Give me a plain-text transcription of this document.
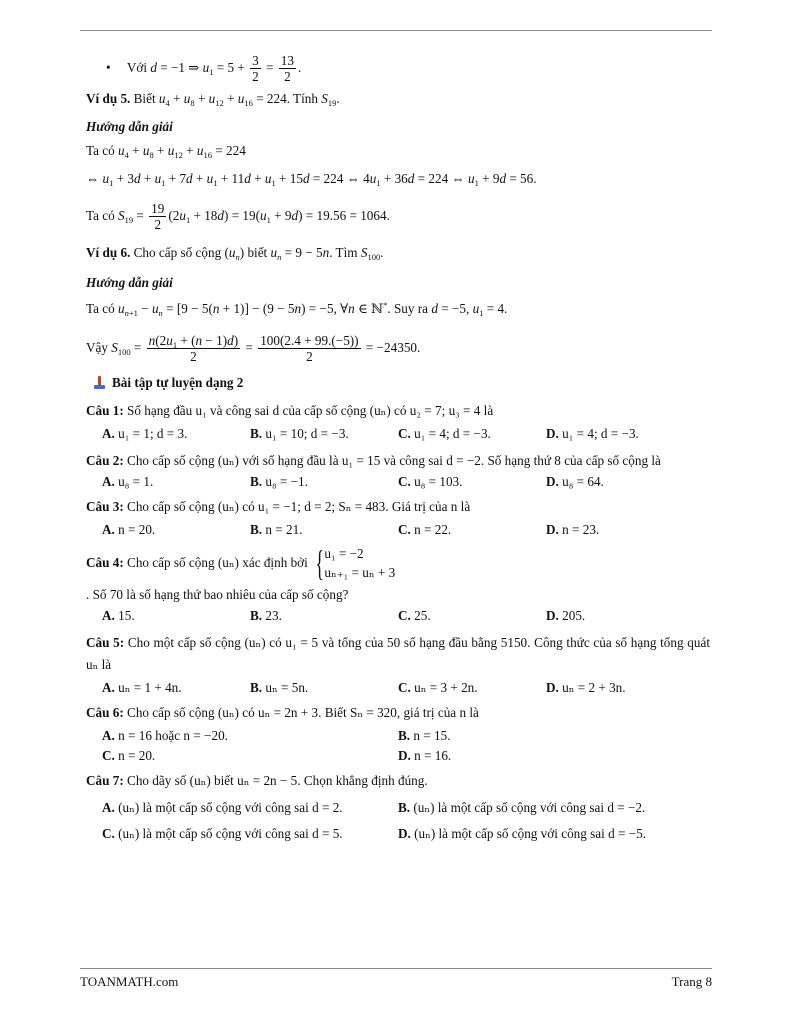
• Với d = −1 ⇒ $u_1 = 5 + \frac{3}{2} = \frac{13}{2}$ .
Ví dụ 5. Biết $u_4 + u_8 + u_{12} + u_{16} = 224$. Tính $S_{19}$.
Hướng dẫn giải
Ta có $u_4 + u_8 + u_{12} + u_{16} = 224$
⇔ $u_1 + 3d + u_1 + 7d + u_1 + 11d + u_1 + 15d = 224$ ⇔ $4u_1 + 36d = 224$ ⇔ $u_1 + 9d = 56$.
Ta có $S_{19} = \frac{19}{2} (2u_1 + 18d) = 19(u_1 + 9d) = 19.56 = 1064$.
Ví dụ 6. Cho cấp số cộng $(u_n)$ biết $u_n = 9 - 5n$. Tìm $S_{100}$.
Hướng dẫn giải
Ta có $u_{n+1} - u_n = [9 - 5(n + 1)] - (9 - 5n) = -5$, ∀n ∈ ℕ*. Suy ra d = −5, $u_1 = 4$.
Vậy $S_{100} = \frac{n(2u_1 + (n - 1)d)}{2} = \frac{100(2.4 + 99.(-5))}{2} = -24350$.
Bài tập tự luyện dạng 2
Câu 1: Số hạng đầu u₁ và công sai d của cấp số cộng (uₙ) có u₂ = 7; u₃ = 4 là
A. u₁ = 1; d = 3.	B. u₁ = 10; d = −3.	C. u₁ = 4; d = −3.	D. u₁ = 4; d = −3.
Câu 2: Cho cấp số cộng (uₙ) với số hạng đầu là u₁ = 15 và công sai d = −2. Số hạng thứ 8 của cấp số cộng là
A. u₈ = 1.	B. u₈ = −1.	C. u₈ = 103.	D. u₈ = 64.
Câu 3: Cho cấp số cộng (uₙ) có u₁ = −1; d = 2; Sₙ = 483. Giá trị của n là
A. n = 20.	B. n = 21.	C. n = 22.	D. n = 23.
Câu 4: Cho cấp số cộng (uₙ) xác định bởi
{ u₁ = −2
uₙ₊₁ = uₙ + 3
. Số 70 là số hạng thứ bao nhiêu của cấp số cộng?
A. 15.	B. 23.	C. 25.	D. 205.
Câu 5: Cho một cấp số cộng (uₙ) có u₁ = 5 và tổng của 50 số hạng đầu bằng 5150. Công thức của số hạng tổng quát uₙ là
A. uₙ = 1 + 4n.	B. uₙ = 5n.	C. uₙ = 3 + 2n.	D. uₙ = 2 + 3n.
Câu 6: Cho cấp số cộng (uₙ) có uₙ = 2n + 3. Biết Sₙ = 320, giá trị của n là
A. n = 16 hoặc n = −20.	B. n = 15.
C. n = 20.	D. n = 16.
Câu 7: Cho dãy số (uₙ) biết uₙ = 2n − 5. Chọn khẳng định đúng.
A. (uₙ) là một cấp số cộng với công sai d = 2.	B. (uₙ) là một cấp số cộng với công sai d = −2.
C. (uₙ) là một cấp số cộng với công sai d = 5.	D. (uₙ) là một cấp số cộng với công sai d = −5.
TOANMATH.com	Trang 8
